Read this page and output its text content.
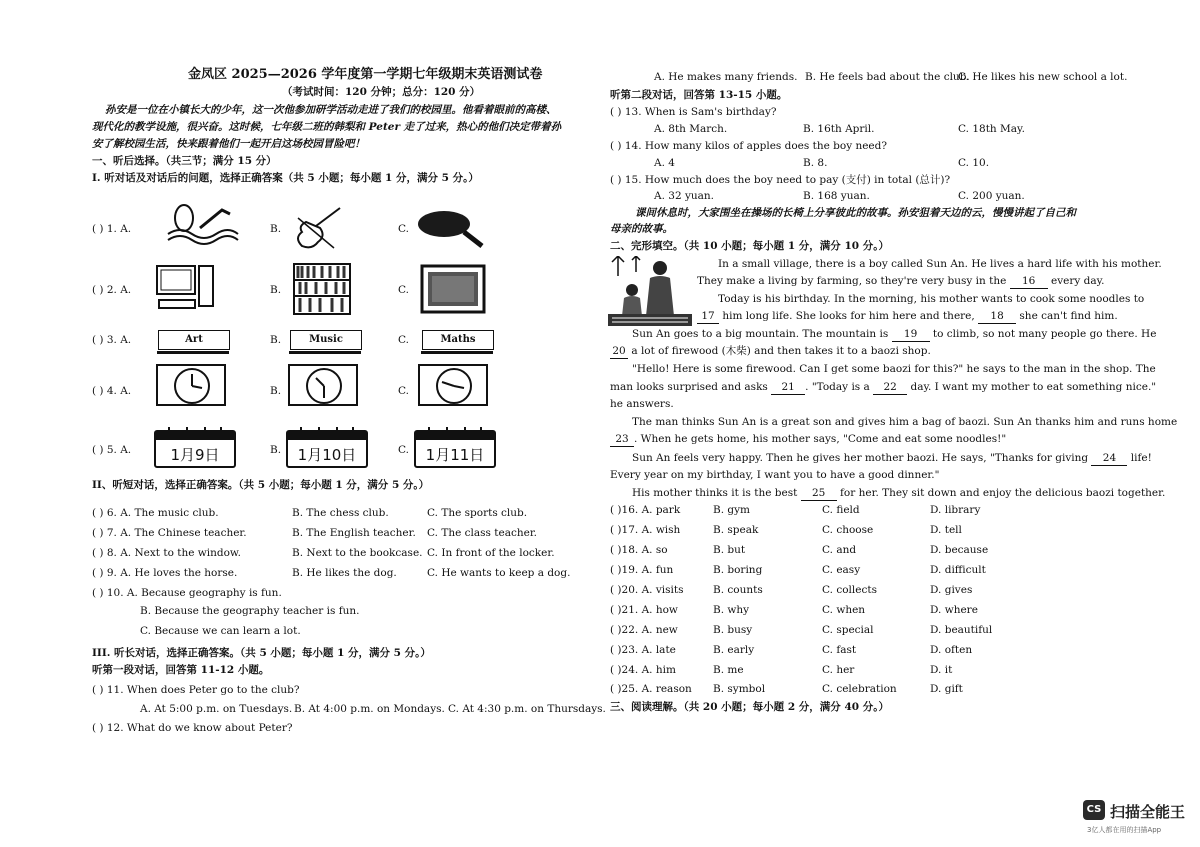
金凤区 2025—2026 学年度第一学期七年级期末英语测试卷
（考试时间：120 分钟；总分：120 分）
孙安是一位在小镇长大的少年，这一次他参加研学活动走进了我们的校园里。他看着眼前的高楼、
现代化的教学设施，很兴奋。这时候，七年级二班的韩梨和 Peter 走了过来，热心的他们决定带着孙
安了解校园生活，快来跟着他们一起开启这场校园冒险吧！
一、听后选择。（共三节；满分 15 分）
I. 听对话及对话后的问题，选择正确答案（共 5 小题；每小题 1 分，满分 5 分。）
( ) 1. A.	B.	C.
( ) 2. A.	B.	C.
( ) 3. A.	Art	B.	Music	C.	Maths
( ) 4. A.	B.	C.
( ) 5. A.	1月9日	B.	1月10日	C.	1月11日
II、听短对话，选择正确答案。（共 5 小题；每小题 1 分，满分 5 分。）
( ) 6. A. The music club.	B. The chess club.	C. The sports club.
( ) 7. A. The Chinese teacher.	B. The English teacher. C. The class teacher.
( ) 8. A. Next to the window.	B. Next to the bookcase. C. In front of the locker.
( ) 9. A. He loves the horse.	B. He likes the dog.	C. He wants to keep a dog.
( ) 10. A. Because geography is fun.
B. Because the geography teacher is fun.
C. Because we can learn a lot.
III. 听长对话，选择正确答案。（共 5 小题；每小题 1 分，满分 5 分。）
听第一段对话，回答第 11-12 小题。
( ) 11. When does Peter go to the club?
A. At 5:00 p.m. on Tuesdays. B. At 4:00 p.m. on Mondays. C. At 4:30 p.m. on Thursdays.
( ) 12. What do we know about Peter?
A. He makes many friends. B. He feels bad about the club.
C. He likes his new school a lot.
听第二段对话，回答第 13-15 小题。
( ) 13. When is Sam's birthday?
A. 8th March.	B. 16th April.	C. 18th May.
( ) 14. How many kilos of apples does the boy need?
A. 4	B. 8.	C. 10.
( ) 15. How much does the boy need to pay (支付) in total (总计)?
A. 32 yuan.	B. 168 yuan.	C. 200 yuan.
课间休息时，大家围坐在操场的长椅上分享彼此的故事。孙安狙着天边的云，慢慢讲起了自己和
母亲的故事。
二、完形填空。（共 10 小题；每小题 1 分，满分 10 分。）
In a small village, there is a boy called Sun An. He lives a hard life with his mother.
They make a living by farming, so they're very busy in the 16 every day.
Today is his birthday. In the morning, his mother wants to cook some noodles to
17 him long life. She looks for him here and there, 18 she can't find him.
Sun An goes to a big mountain. The mountain is 19 to climb, so not many people go there. He
20 a lot of firewood (木柴) and then takes it to a baozi shop.
"Hello! Here is some firewood. Can I get some baozi for this?" he says to the man in the shop. The
man looks surprised and asks 21 . "Today is a 22 day. I want my mother to eat something nice."
he answers.
The man thinks Sun An is a great son and gives him a bag of baozi. Sun An thanks him and runs home
23 . When he gets home, his mother says, "Come and eat some noodles!"
Sun An feels very happy. Then he gives her mother baozi. He says, "Thanks for giving 24 life!
Every year on my birthday, I want you to have a good dinner."
His mother thinks it is the best 25 for her. They sit down and enjoy the delicious baozi together.
( )16. A. park	B. gym	C. field	D. library
( )17. A. wish	B. speak	C. choose	D. tell
( )18. A. so	B. but	C. and	D. because
( )19. A. fun	B. boring	C. easy	D. difficult
( )20. A. visits	B. counts	C. collects	D. gives
( )21. A. how	B. why	C. when	D. where
( )22. A. new	B. busy	C. special	D. beautiful
( )23. A. late	B. early	C. fast	D. often
( )24. A. him	B. me	C. her	D. it
( )25. A. reason B. symbol	C. celebration	D. gift
三、阅读理解。（共 20 小题；每小题 2 分，满分 40 分。）
CS 扫描全能王
3亿人都在用的扫描App
